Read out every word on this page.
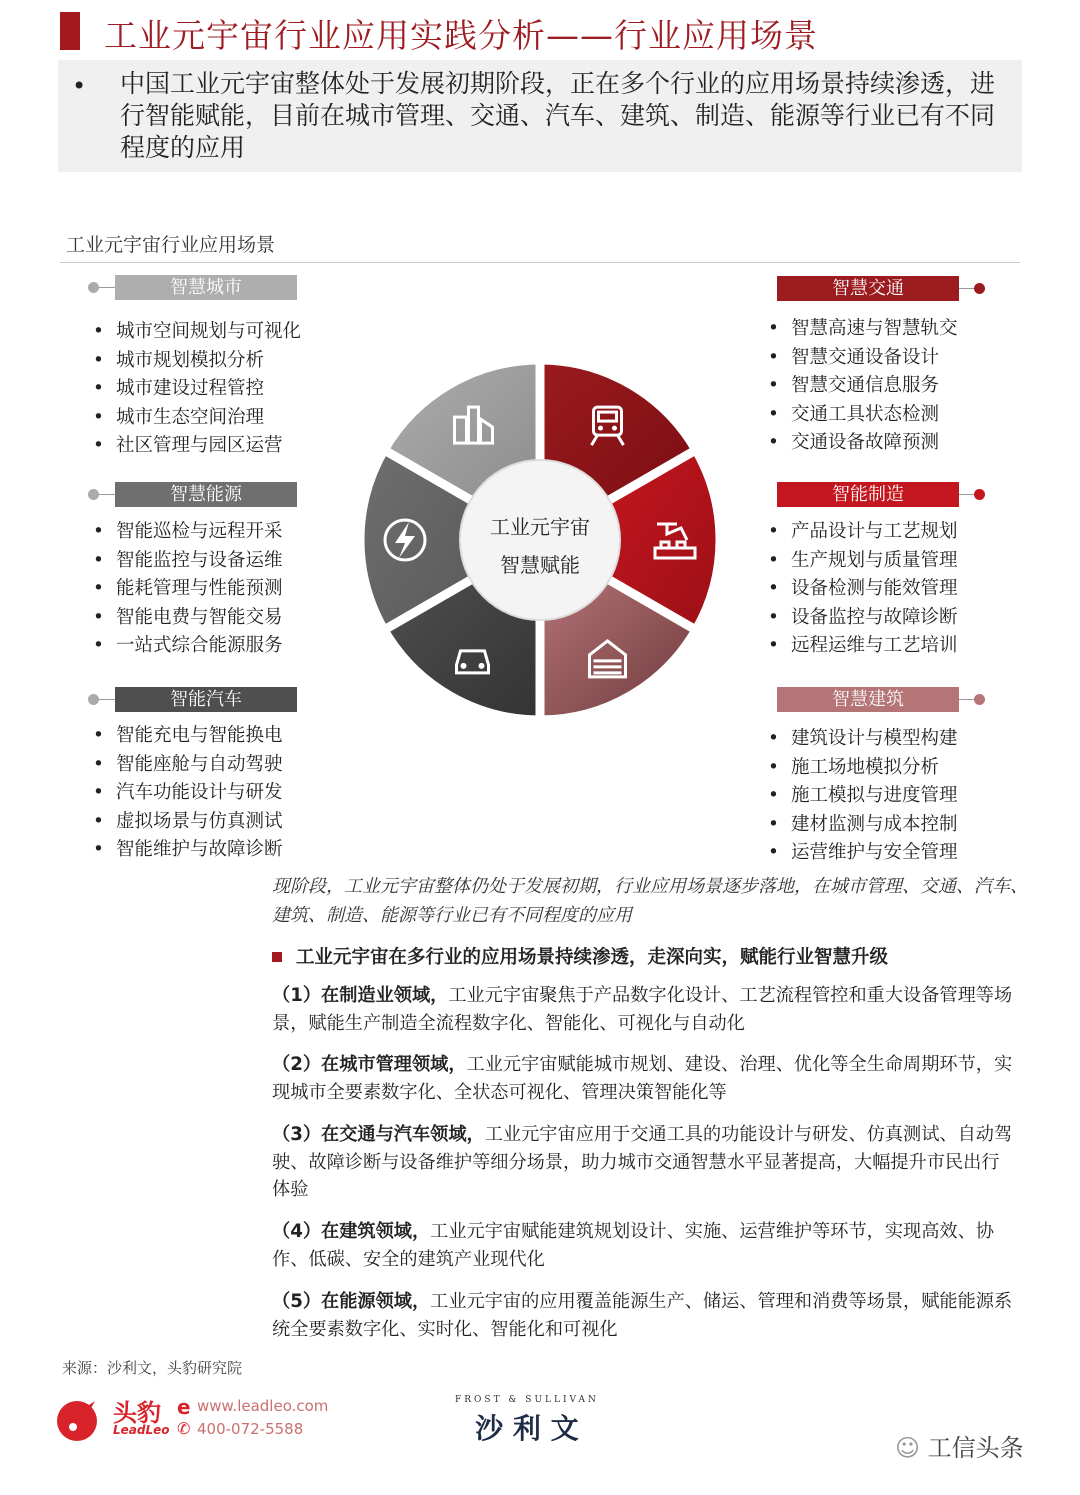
工业元宇宙行业应用实践分析——行业应用场景
• 中国工业元宇宙整体处于发展初期阶段，正在多个行业的应用场景持续渗透，进行智能赋能，目前在城市管理、交通、汽车、建筑、制造、能源等行业已有不同程度的应用
工业元宇宙行业应用场景
智慧城市
• 城市空间规划与可视化
• 城市规划模拟分析
• 城市建设过程管控
• 城市生态空间治理
• 社区管理与园区运营
智慧能源
• 智能巡检与远程开采
• 智能监控与设备运维
• 能耗管理与性能预测
• 智能电费与智能交易
• 一站式综合能源服务
智能汽车
• 智能充电与智能换电
• 智能座舱与自动驾驶
• 汽车功能设计与研发
• 虚拟场景与仿真测试
• 智能维护与故障诊断
智慧交通
• 智慧高速与智慧轨交
• 智慧交通设备设计
• 智慧交通信息服务
• 交通工具状态检测
• 交通设备故障预测
智能制造
• 产品设计与工艺规划
• 生产规划与质量管理
• 设备检测与能效管理
• 设备监控与故障诊断
• 远程运维与工艺培训
智慧建筑
• 建筑设计与模型构建
• 施工场地模拟分析
• 施工模拟与进度管理
• 建材监测与成本控制
• 运营维护与安全管理
工业元宇宙
智慧赋能
现阶段，工业元宇宙整体仍处于发展初期，行业应用场景逐步落地，在城市管理、交通、汽车、建筑、制造、能源等行业已有不同程度的应用
工业元宇宙在多行业的应用场景持续渗透，走深向实，赋能行业智慧升级
（1）在制造业领域，工业元宇宙聚焦于产品数字化设计、工艺流程管控和重大设备管理等场景，赋能生产制造全流程数字化、智能化、可视化与自动化
（2）在城市管理领域，工业元宇宙赋能城市规划、建设、治理、优化等全生命周期环节，实现城市全要素数字化、全状态可视化、管理决策智能化等
（3）在交通与汽车领域，工业元宇宙应用于交通工具的功能设计与研发、仿真测试、自动驾驶、故障诊断与设备维护等细分场景，助力城市交通智慧水平显著提高，大幅提升市民出行体验
（4）在建筑领域，工业元宇宙赋能建筑规划设计、实施、运营维护等环节，实现高效、协作、低碳、安全的建筑产业现代化
（5）在能源领域，工业元宇宙的应用覆盖能源生产、储运、管理和消费等场景，赋能能源系统全要素数字化、实时化、智能化和可视化
来源：沙利文，头豹研究院
头豹
LeadLeo
e
✆
www.leadleo.com
400-072-5588
FROST & SULLIVAN
沙 利 文
☺ 工信头条
